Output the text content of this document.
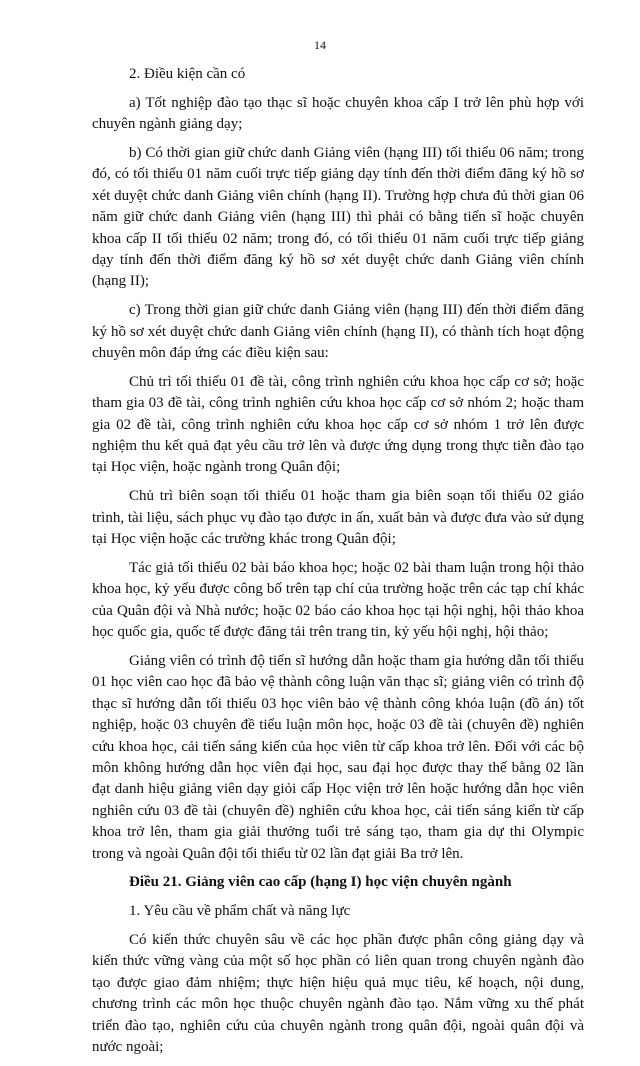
14

2. Điều kiện cần có

a) Tốt nghiệp đào tạo thạc sĩ hoặc chuyên khoa cấp I trở lên phù hợp với chuyên ngành giảng dạy;

b) Có thời gian giữ chức danh Giảng viên (hạng III) tối thiểu 06 năm; trong đó, có tối thiểu 01 năm cuối trực tiếp giảng dạy tính đến thời điểm đăng ký hồ sơ xét duyệt chức danh Giảng viên chính (hạng II). Trường hợp chưa đủ thời gian 06 năm giữ chức danh Giảng viên (hạng III) thì phải có bằng tiến sĩ hoặc chuyên khoa cấp II tối thiểu 02 năm; trong đó, có tối thiểu 01 năm cuối trực tiếp giảng dạy tính đến thời điểm đăng ký hồ sơ xét duyệt chức danh Giảng viên chính (hạng II);

c) Trong thời gian giữ chức danh Giảng viên (hạng III) đến thời điểm đăng ký hồ sơ xét duyệt chức danh Giảng viên chính (hạng II), có thành tích hoạt động chuyên môn đáp ứng các điều kiện sau:

Chủ trì tối thiểu 01 đề tài, công trình nghiên cứu khoa học cấp cơ sở; hoặc tham gia 03 đề tài, công trình nghiên cứu khoa học cấp cơ sở nhóm 2; hoặc tham gia 02 đề tài, công trình nghiên cứu khoa học cấp cơ sở nhóm 1 trở lên được nghiệm thu kết quả đạt yêu cầu trở lên và được ứng dụng trong thực tiễn đào tạo tại Học viện, hoặc ngành trong Quân đội;

Chủ trì biên soạn tối thiểu 01 hoặc tham gia biên soạn tối thiểu 02 giáo trình, tài liệu, sách phục vụ đào tạo được in ấn, xuất bản và được đưa vào sử dụng tại Học viện hoặc các trường khác trong Quân đội;

Tác giả tối thiểu 02 bài báo khoa học; hoặc 02 bài tham luận trong hội thảo khoa học, kỷ yếu được công bố trên tạp chí của trường hoặc trên các tạp chí khác của Quân đội và Nhà nước; hoặc 02 báo cáo khoa học tại hội nghị, hội thảo khoa học quốc gia, quốc tế được đăng tải trên trang tin, kỷ yếu hội nghị, hội thảo;

Giảng viên có trình độ tiến sĩ hướng dẫn hoặc tham gia hướng dẫn tối thiểu 01 học viên cao học đã bảo vệ thành công luận văn thạc sĩ; giảng viên có trình độ thạc sĩ hướng dẫn tối thiểu 03 học viên bảo vệ thành công khóa luận (đồ án) tốt nghiệp, hoặc 03 chuyên đề tiểu luận môn học, hoặc 03 đề tài (chuyên đề) nghiên cứu khoa học, cải tiến sáng kiến của học viên từ cấp khoa trở lên. Đối với các bộ môn không hướng dẫn học viên đại học, sau đại học được thay thế bằng 02 lần đạt danh hiệu giảng viên dạy giỏi cấp Học viện trở lên hoặc hướng dẫn học viên nghiên cứu 03 đề tài (chuyên đề) nghiên cứu khoa học, cải tiến sáng kiến từ cấp khoa trở lên, tham gia giải thưởng tuổi trẻ sáng tạo, tham gia dự thi Olympic trong và ngoài Quân đội tối thiểu từ 02 lần đạt giải Ba trở lên.

Điều 21. Giảng viên cao cấp (hạng I) học viện chuyên ngành

1. Yêu cầu về phẩm chất và năng lực

Có kiến thức chuyên sâu về các học phần được phân công giảng dạy và kiến thức vững vàng của một số học phần có liên quan trong chuyên ngành đào tạo được giao đảm nhiệm; thực hiện hiệu quả mục tiêu, kế hoạch, nội dung, chương trình các môn học thuộc chuyên ngành đào tạo. Nắm vững xu thế phát triển đào tạo, nghiên cứu của chuyên ngành trong quân đội, ngoài quân đội và nước ngoài;
